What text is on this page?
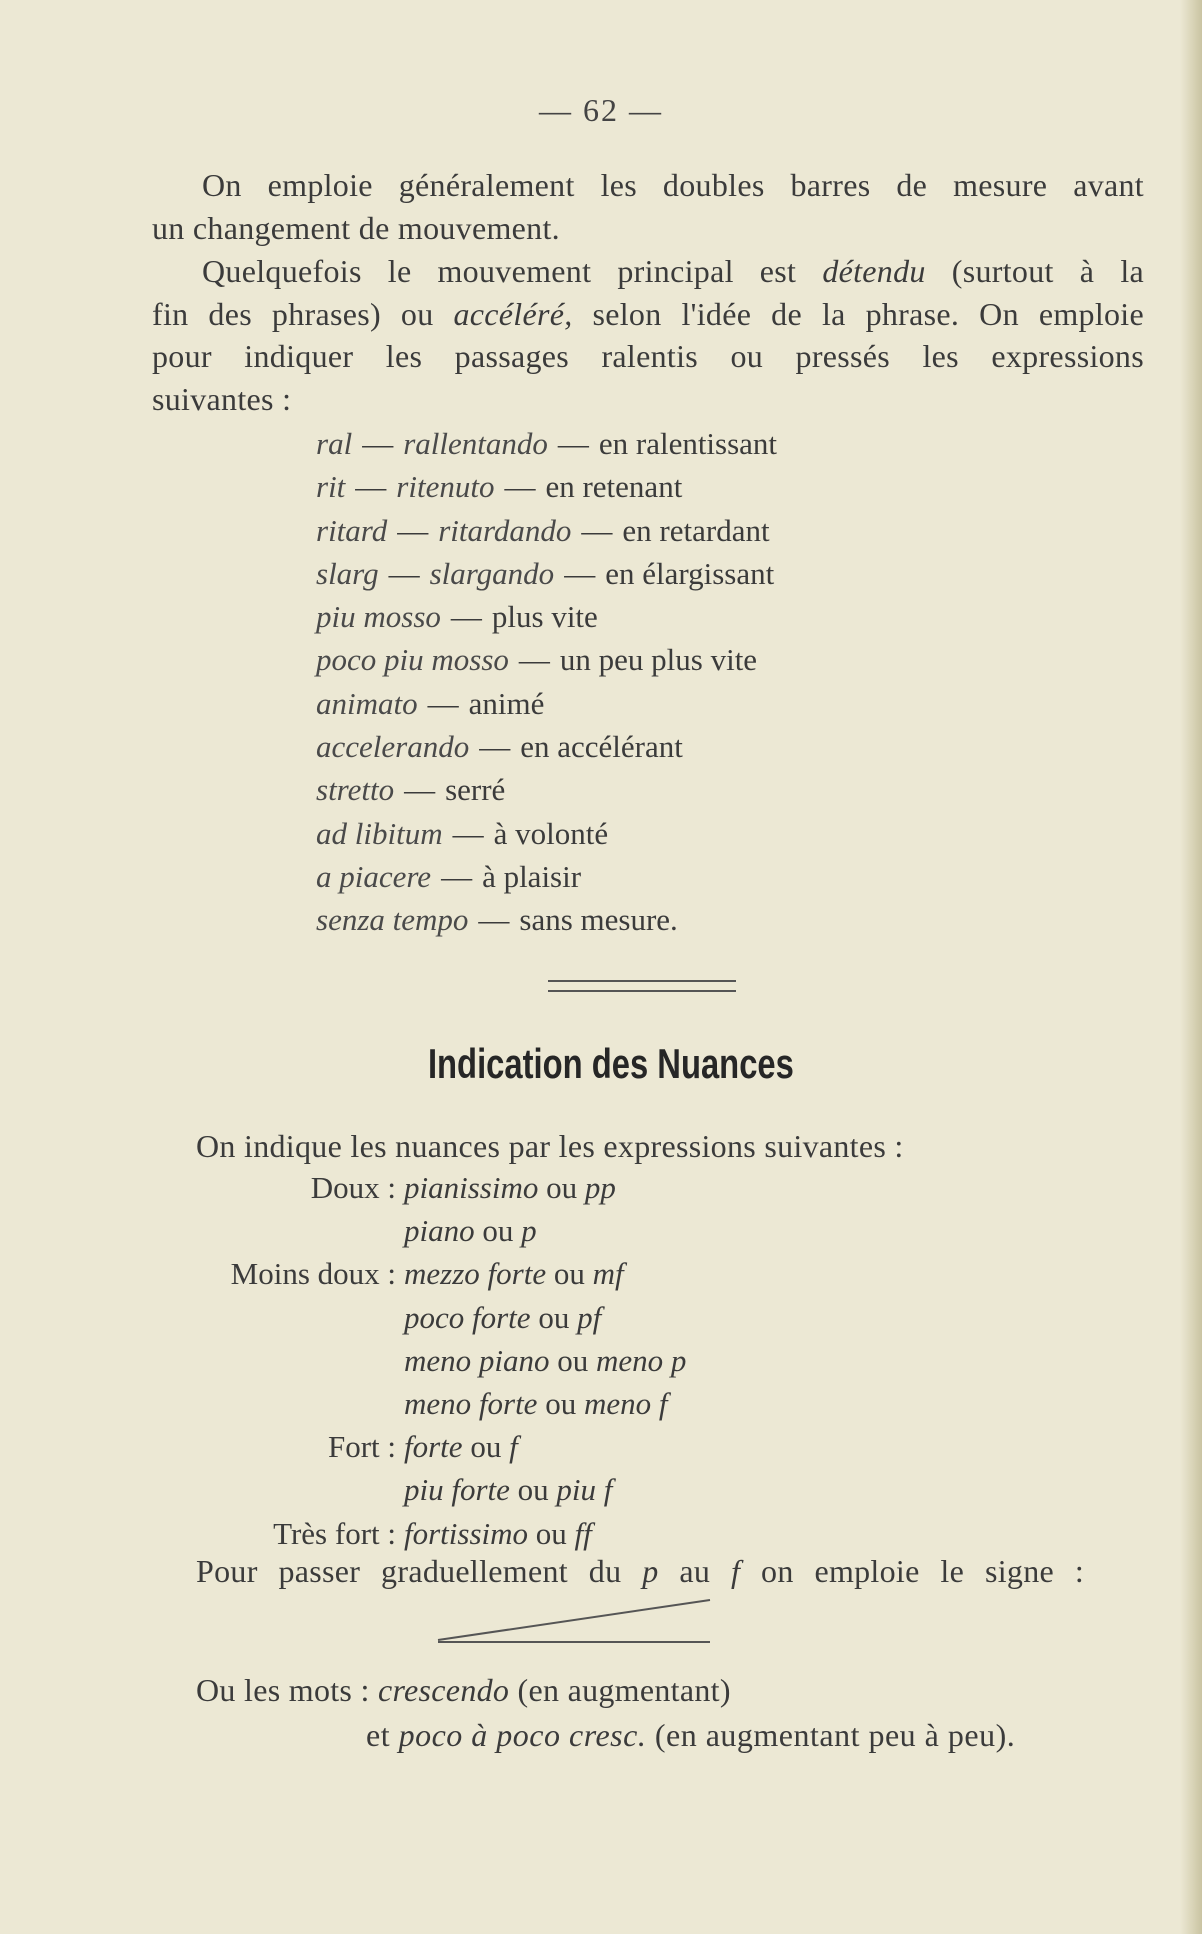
— 62 —
On emploie généralement les doubles barres de mesure avant
un changement de mouvement.
Quelquefois le mouvement principal est détendu (surtout à la
fin des phrases) ou accéléré, selon l'idée de la phrase. On emploie
pour indiquer les passages ralentis ou pressés les expressions
suivantes :
ral — rallentando — en ralentissant
rit — ritenuto — en retenant
ritard — ritardando — en retardant
slarg — slargando — en élargissant
piu mosso — plus vite
poco piu mosso — un peu plus vite
animato — animé
accelerando — en accélérant
stretto — serré
ad libitum — à volonté
a piacere — à plaisir
senza tempo — sans mesure.
Indication des Nuances
On indique les nuances par les expressions suivantes :
Doux : pianissimo ou pp
piano ou p
Moins doux : mezzo forte ou mf
poco forte ou pf
meno piano ou meno p
meno forte ou meno f
Fort : forte ou f
piu forte ou piu f
Très fort : fortissimo ou ff
Pour passer graduellement du p au f on emploie le signe :
Ou les mots : crescendo (en augmentant)
et poco à poco cresc. (en augmentant peu à peu).
